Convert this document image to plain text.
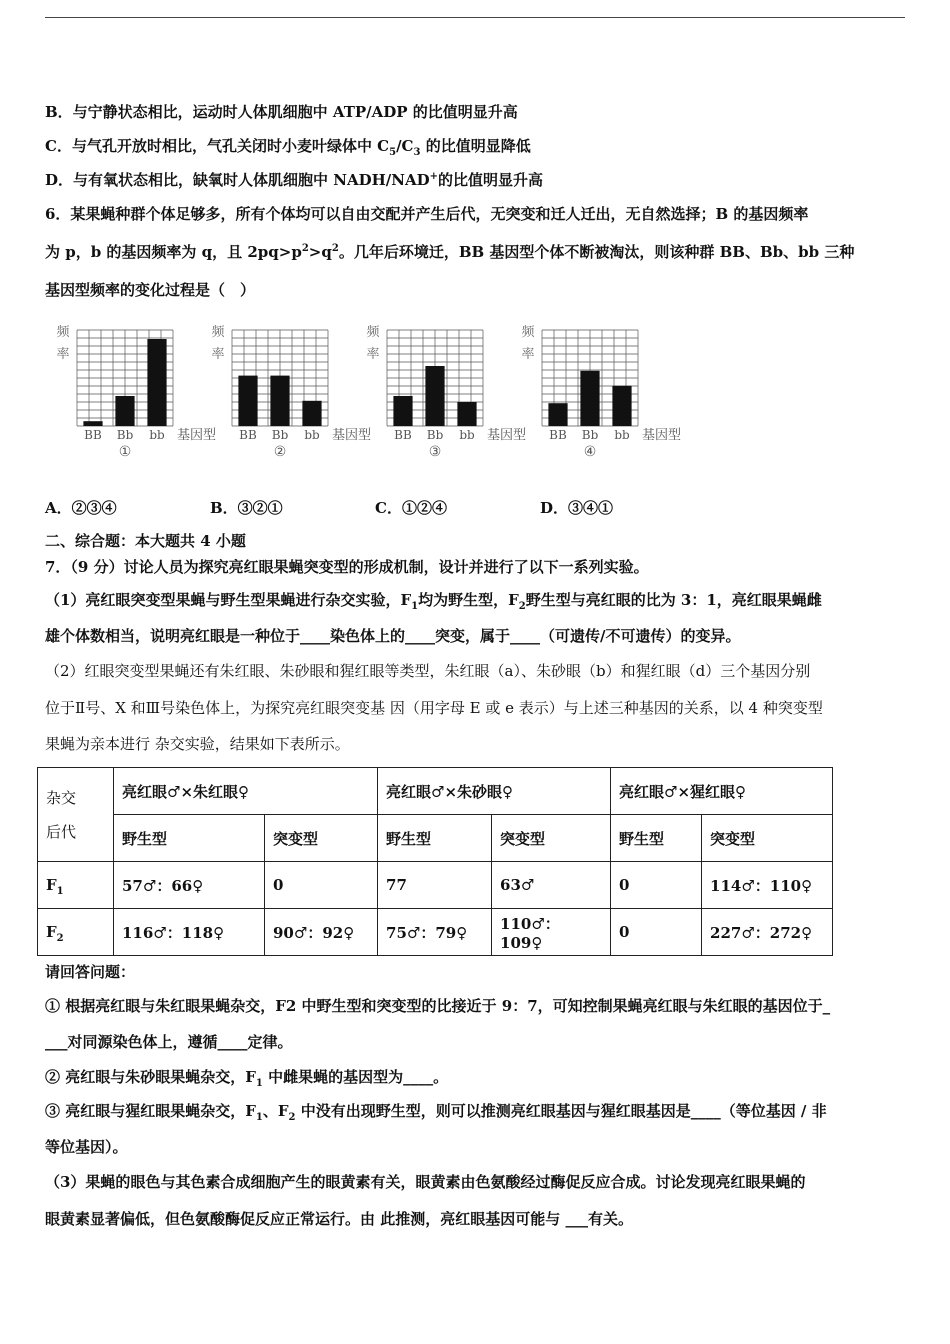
B．与宁静状态相比，运动时人体肌细胞中 ATP/ADP 的比值明显升高
C．与气孔开放时相比，气孔关闭时小麦叶绿体中 $C_5/C_3$ 的比值明显降低
D．与有氧状态相比，缺氧时人体肌细胞中 NADH/NAD+的比值明显升高
6．某果蝇种群个体足够多，所有个体均可以自由交配并产生后代，无突变和迁人迁出，无自然选择；B 的基因频率
为 p，b 的基因频率为 q，且 $2pq>p^2>q^2$。几年后环境迁，BB 基因型个体不断被淘汰，则该种群 BB、Bb、bb 三种
基因型频率的变化过程是（　）
频
率
BB Bb bb 基因型
①
频
率
BB Bb bb 基因型
②
频
率
BB Bb bb 基因型
③
频
率
BB Bb bb 基因型
④
A．②③④	B．③②①	C．①②④	D．③④①
二、综合题：本大题共 4 小题
7．（9 分）讨论人员为探究亮红眼果蝇突变型的形成机制，设计并进行了以下一系列实验。
（1）亮红眼突变型果蝇与野生型果蝇进行杂交实验，$F_1$均为野生型，$F_2$野生型与亮红眼的比为 3：1，亮红眼果蝇雌
雄个体数相当，说明亮红眼是一种位于____染色体上的____突变，属于____（可遗传/不可遗传）的变异。
（2）红眼突变型果蝇还有朱红眼、朱砂眼和猩红眼等类型，朱红眼（a）、朱砂眼（b）和猩红眼（d）三个基因分别
位于Ⅱ号、X 和Ⅲ号染色体上，为探究亮红眼突变基 因（用字母 E 或 e 表示）与上述三种基因的关系，以 4 种突变型
果蝇为亲本进行 杂交实验，结果如下表所示。
杂交
后代	亮红眼♂×朱红眼♀		亮红眼♂×朱砂眼♀		亮红眼♂×猩红眼♀	
	野生型	突变型	野生型	突变型	野生型	突变型
$F_1$	57♂：66♀	0	77	63♂	0	114♂：110♀
$F_2$	116♂：118♀	90♂：92♀	75♂：79♀	110♂：109♀	0	227♂：272♀
请回答问题：
① 根据亮红眼与朱红眼果蝇杂交，F2 中野生型和突变型的比接近于 9：7，可知控制果蝇亮红眼与朱红眼的基因位于_
___对同源染色体上，遵循____定律。
② 亮红眼与朱砂眼果蝇杂交，$F_1$ 中雌果蝇的基因型为____。
③ 亮红眼与猩红眼果蝇杂交，$F_1$、$F_2$ 中没有出现野生型，则可以推测亮红眼基因与猩红眼基因是____（等位基因 / 非
等位基因）。
（3）果蝇的眼色与其色素合成细胞产生的眼黄素有关，眼黄素由色氨酸经过酶促反应合成。讨论发现亮红眼果蝇的
眼黄素显著偏低，但色氨酸酶促反应正常运行。由 此推测，亮红眼基因可能与 ___有关。
